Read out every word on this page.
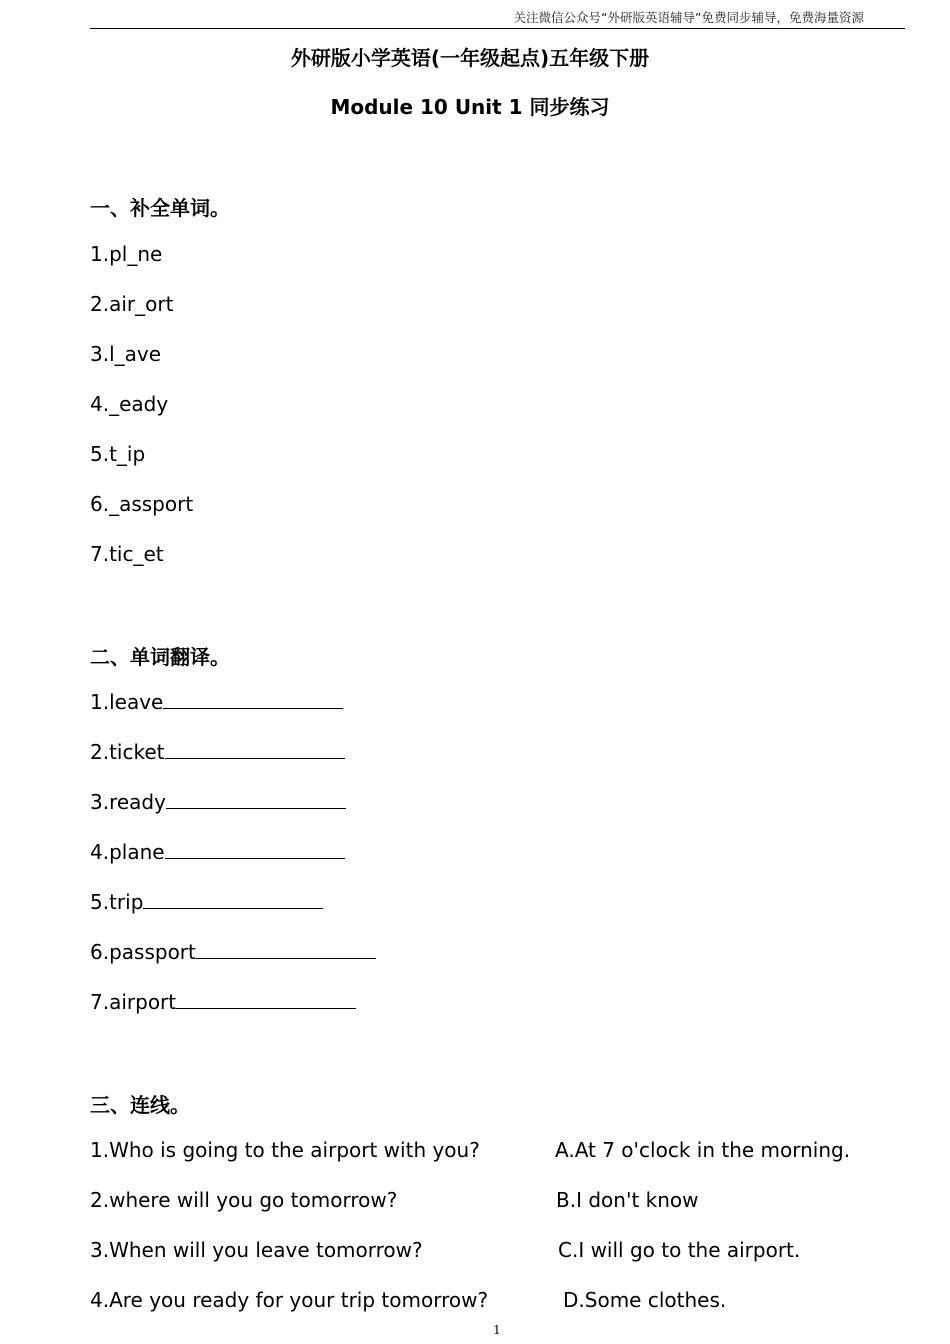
关注微信公众号“外研版英语辅导”免费同步辅导，免费海量资源
外研版小学英语(一年级起点)五年级下册
Module 10 Unit 1 同步练习
一、补全单词。
1.pl_ne
2.air_ort
3.l_ave
4._eady
5.t_ip
6._assport
7.tic_et
二、单词翻译。
1.leave
2.ticket
3.ready
4.plane
5.trip
6.passport
7.airport
三、连线。
1.Who is going to the airport with you?	A.At 7 o'clock in the morning.
2.where will you go tomorrow?	B.I don't know
3.When will you leave tomorrow?	C.I will go to the airport.
4.Are you ready for your trip tomorrow?	D.Some clothes.
1
